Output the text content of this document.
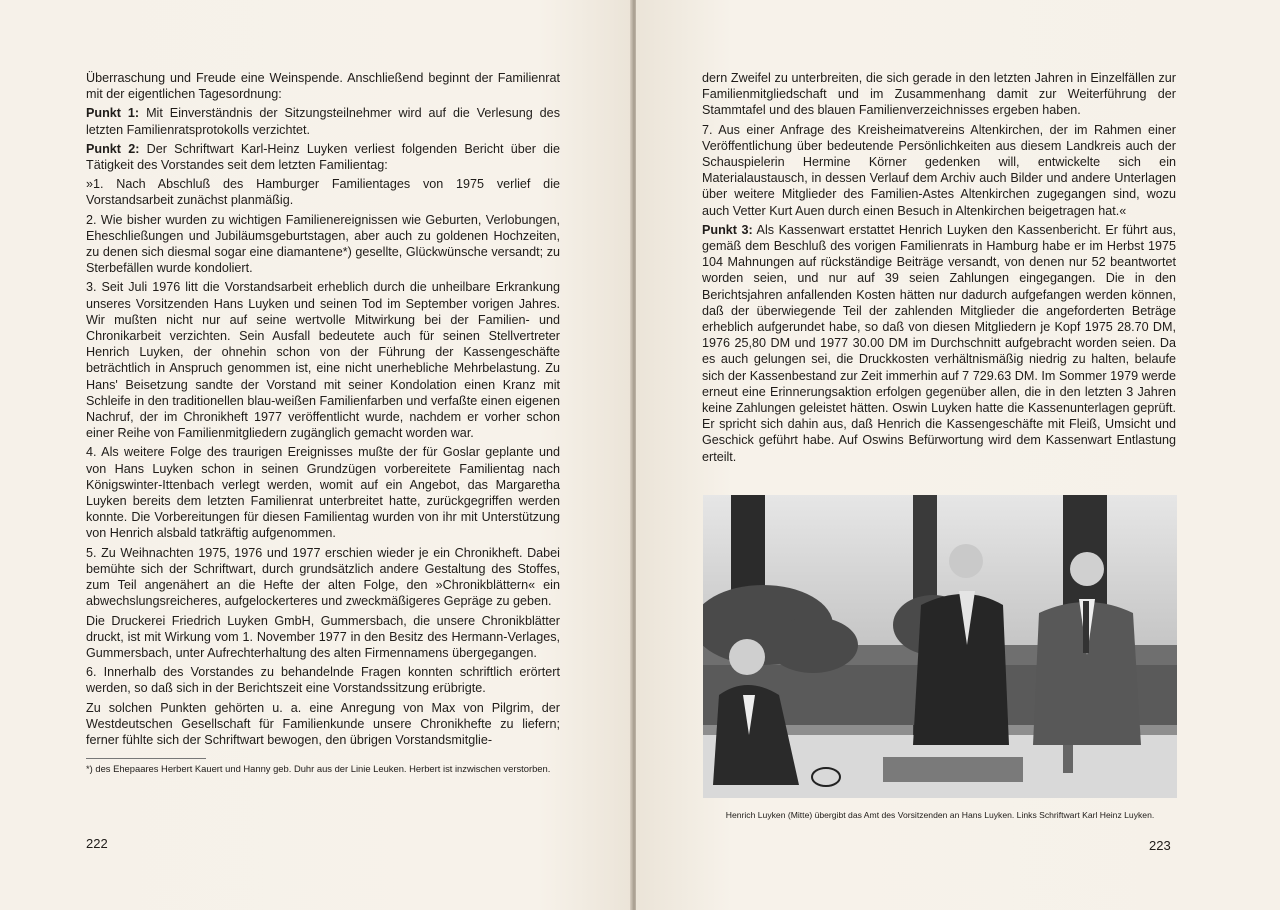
Überraschung und Freude eine Weinspende. Anschließend beginnt der Familienrat mit der eigentlichen Tagesordnung:

Punkt 1: Mit Einverständnis der Sitzungsteilnehmer wird auf die Verlesung des letzten Familienratsprotokolls verzichtet.

Punkt 2: Der Schriftwart Karl-Heinz Luyken verliest folgenden Bericht über die Tätigkeit des Vorstandes seit dem letzten Familientag:

»1. Nach Abschluß des Hamburger Familientages von 1975 verlief die Vorstandsarbeit zunächst planmäßig.

2. Wie bisher wurden zu wichtigen Familienereignissen wie Geburten, Verlobungen, Eheschließungen und Jubiläumsgeburtstagen, aber auch zu goldenen Hochzeiten, zu denen sich diesmal sogar eine diamantene*) gesellte, Glückwünsche versandt; zu Sterbefällen wurde kondoliert.

3. Seit Juli 1976 litt die Vorstandsarbeit erheblich durch die unheilbare Erkrankung unseres Vorsitzenden Hans Luyken und seinen Tod im September vorigen Jahres. Wir mußten nicht nur auf seine wertvolle Mitwirkung bei der Familien- und Chronikarbeit verzichten. Sein Ausfall bedeutete auch für seinen Stellvertreter Henrich Luyken, der ohnehin schon von der Führung der Kassengeschäfte beträchtlich in Anspruch genommen ist, eine nicht unerhebliche Mehrbelastung. Zu Hans' Beisetzung sandte der Vorstand mit seiner Kondolation einen Kranz mit Schleife in den traditionellen blau-weißen Familienfarben und verfaßte einen eigenen Nachruf, der im Chronikheft 1977 veröffentlicht wurde, nachdem er vorher schon einer Reihe von Familienmitgliedern zugänglich gemacht worden war.

4. Als weitere Folge des traurigen Ereignisses mußte der für Goslar geplante und von Hans Luyken schon in seinen Grundzügen vorbereitete Familientag nach Königswinter-Ittenbach verlegt werden, womit auf ein Angebot, das Margaretha Luyken bereits dem letzten Familienrat unterbreitet hatte, zurückgegriffen werden konnte. Die Vorbereitungen für diesen Familientag wurden von ihr mit Unterstützung von Henrich alsbald tatkräftig aufgenommen.

5. Zu Weihnachten 1975, 1976 und 1977 erschien wieder je ein Chronikheft. Dabei bemühte sich der Schriftwart, durch grundsätzlich andere Gestaltung des Stoffes, zum Teil angenähert an die Hefte der alten Folge, den »Chronikblättern« ein abwechslungsreicheres, aufgelockerteres und zweckmäßigeres Gepräge zu geben.

Die Druckerei Friedrich Luyken GmbH, Gummersbach, die unsere Chronikblätter druckt, ist mit Wirkung vom 1. November 1977 in den Besitz des Hermann-Verlages, Gummersbach, unter Aufrechterhaltung des alten Firmennamens übergegangen.

6. Innerhalb des Vorstandes zu behandelnde Fragen konnten schriftlich erörtert werden, so daß sich in der Berichtszeit eine Vorstandssitzung erübrigte.

Zu solchen Punkten gehörten u. a. eine Anregung von Max von Pilgrim, der Westdeutschen Gesellschaft für Familienkunde unsere Chronikhefte zu liefern; ferner fühlte sich der Schriftwart bewogen, den übrigen Vorstandsmitglie-

*) des Ehepaares Herbert Kauert und Hanny geb. Duhr aus der Linie Leuken. Herbert ist inzwischen verstorben.

222

dern Zweifel zu unterbreiten, die sich gerade in den letzten Jahren in Einzelfällen zur Familienmitgliedschaft und im Zusammenhang damit zur Weiterführung der Stammtafel und des blauen Familienverzeichnisses ergeben haben.

7. Aus einer Anfrage des Kreisheimatvereins Altenkirchen, der im Rahmen einer Veröffentlichung über bedeutende Persönlichkeiten aus diesem Landkreis auch der Schauspielerin Hermine Körner gedenken will, entwickelte sich ein Materialaustausch, in dessen Verlauf dem Archiv auch Bilder und andere Unterlagen über weitere Mitglieder des Familien-Astes Altenkirchen zugegangen sind, wozu auch Vetter Kurt Auen durch einen Besuch in Altenkirchen beigetragen hat.«

Punkt 3: Als Kassenwart erstattet Henrich Luyken den Kassenbericht. Er führt aus, gemäß dem Beschluß des vorigen Familienrats in Hamburg habe er im Herbst 1975 104 Mahnungen auf rückständige Beiträge versandt, von denen nur 52 beantwortet worden seien, und nur auf 39 seien Zahlungen eingegangen. Die in den Berichtsjahren anfallenden Kosten hätten nur dadurch aufgefangen werden können, daß der überwiegende Teil der zahlenden Mitglieder die angeforderten Beträge erheblich aufgerundet habe, so daß von diesen Mitgliedern je Kopf 1975 28.70 DM, 1976 25,80 DM und 1977 30.00 DM im Durchschnitt aufgebracht worden seien. Da es auch gelungen sei, die Druckkosten verhältnismäßig niedrig zu halten, belaufe sich der Kassenbestand zur Zeit immerhin auf 7 729.63 DM. Im Sommer 1979 werde erneut eine Erinnerungsaktion erfolgen gegenüber allen, die in den letzten 3 Jahren keine Zahlungen geleistet hätten. Oswin Luyken hatte die Kassenunterlagen geprüft. Er spricht sich dahin aus, daß Henrich die Kassengeschäfte mit Fleiß, Umsicht und Geschick geführt habe. Auf Oswins Befürwortung wird dem Kassenwart Entlastung erteilt.

Henrich Luyken (Mitte) übergibt das Amt des Vorsitzenden an Hans Luyken. Links Schriftwart Karl Heinz Luyken.
223
